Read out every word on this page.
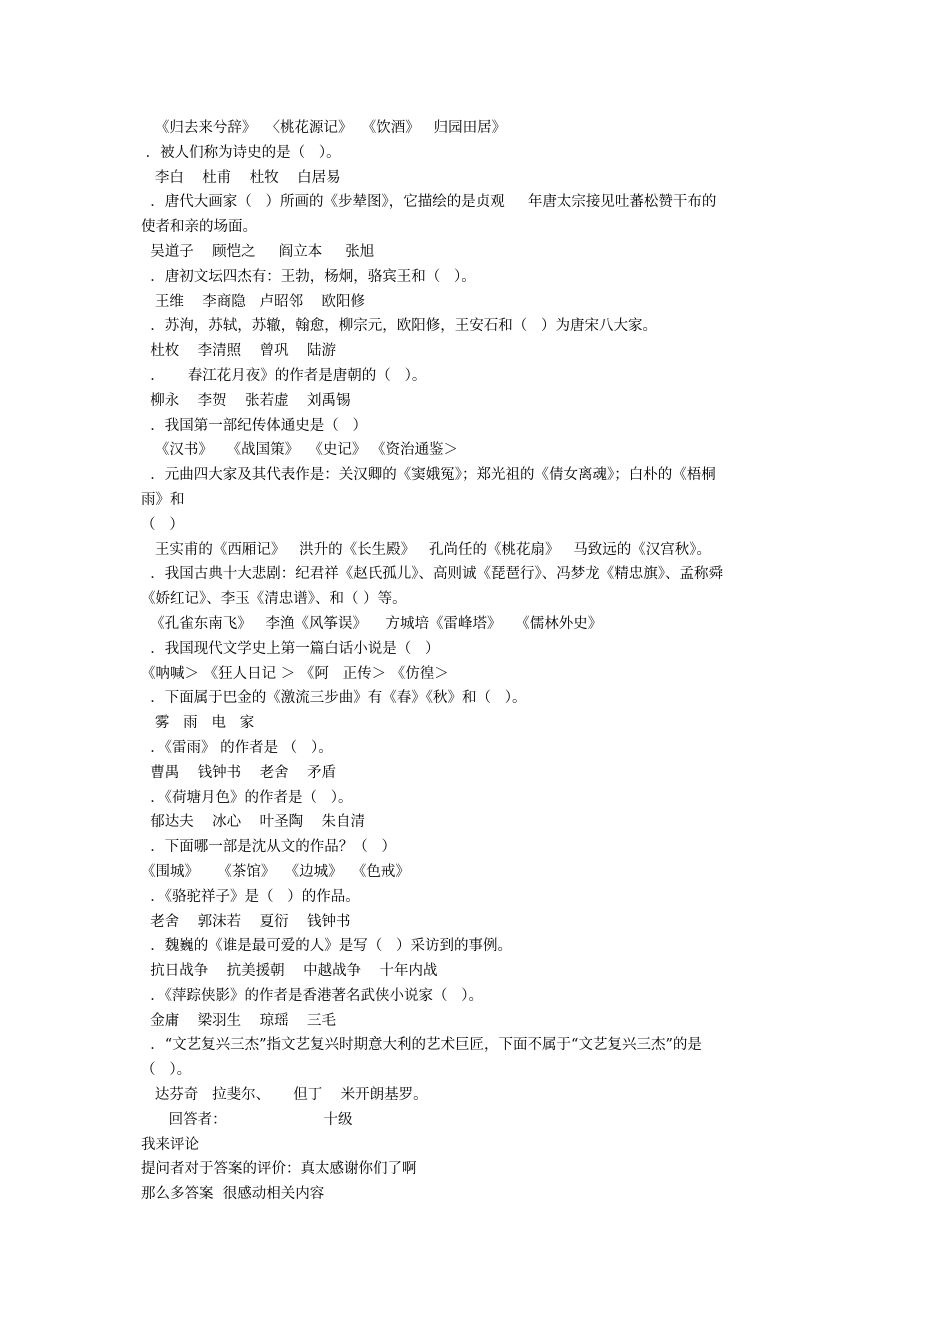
《归去来兮辞》  〈桃花源记》  《饮酒》   归园田居》
．被人们称为诗史的是（   ）。
李白    杜甫    杜牧    白居易
．唐代大画家（   ）所画的《步辇图》，它描绘的是贞观     年唐太宗接见吐蕃松赞干布的
使者和亲的场面。
吴道子    顾恺之     阎立本     张旭
．唐初文坛四杰有：王勃，杨炯，骆宾王和（   ）。
王维    李商隐   卢昭邻    欧阳修
．苏洵，苏轼，苏辙，翰愈，柳宗元，欧阳修，王安石和（   ）为唐宋八大家。
杜枚    李清照    曾巩    陆游
．     春江花月夜》的作者是唐朝的（   ）。
柳永    李贺    张若虚    刘禹锡
．我国第一部纪传体通史是（   ）
《汉书》   《战国策》  《史记》 《资治通鉴＞
．元曲四大家及其代表作是：关汉卿的《窦娥冤》；郑光祖的《倩女离魂》；白朴的《梧桐
雨》和
（   ）
王实甫的《西厢记》   洪升的《长生殿》   孔尚任的《桃花扇》   马致远的《汉宫秋》。
．我国古典十大悲剧：纪君祥《赵氏孤儿》、高则诚《琵琶行》、冯梦龙《精忠旗》、孟称舜
《娇红记》、李玉《清忠谱》、和（ ）等。
《孔雀东南飞》   李渔《风筝误》    方城培《雷峰塔》   《儒林外史》
．我国现代文学史上第一篇白话小说是（   ）
《呐喊＞ 《狂人日记 ＞ 《阿   正传＞ 《仿徨＞
．下面属于巴金的《激流三步曲》有《春》《秋》和（   ）。
雾   雨   电   家
．《雷雨》 的作者是 （   ）。
曹禺    钱钟书    老舍    矛盾
．《荷塘月色》的作者是（   ）。
郁达夫    冰心    叶圣陶    朱自清
．下面哪一部是沈从文的作品？（   ）
《围城》    《茶馆》  《边城》  《色戒》
．《骆驼祥子》是（   ）的作品。
老舍    郭沫若    夏衍    钱钟书
．魏巍的《谁是最可爱的人》是写（   ）采访到的事例。
抗日战争    抗美援朝    中越战争    十年内战
．《萍踪侠影》的作者是香港著名武侠小说家（   ）。
金庸    梁羽生    琼瑶    三毛
．“文艺复兴三杰”指文艺复兴时期意大利的艺术巨匠，下面不属于“文艺复兴三杰”的是
（   ）。
达芬奇   拉斐尔、     但丁    米开朗基罗。
回答者：                     十级
我来评论
提问者对于答案的评价：真太感谢你们了啊
那么多答案  很感动相关内容
